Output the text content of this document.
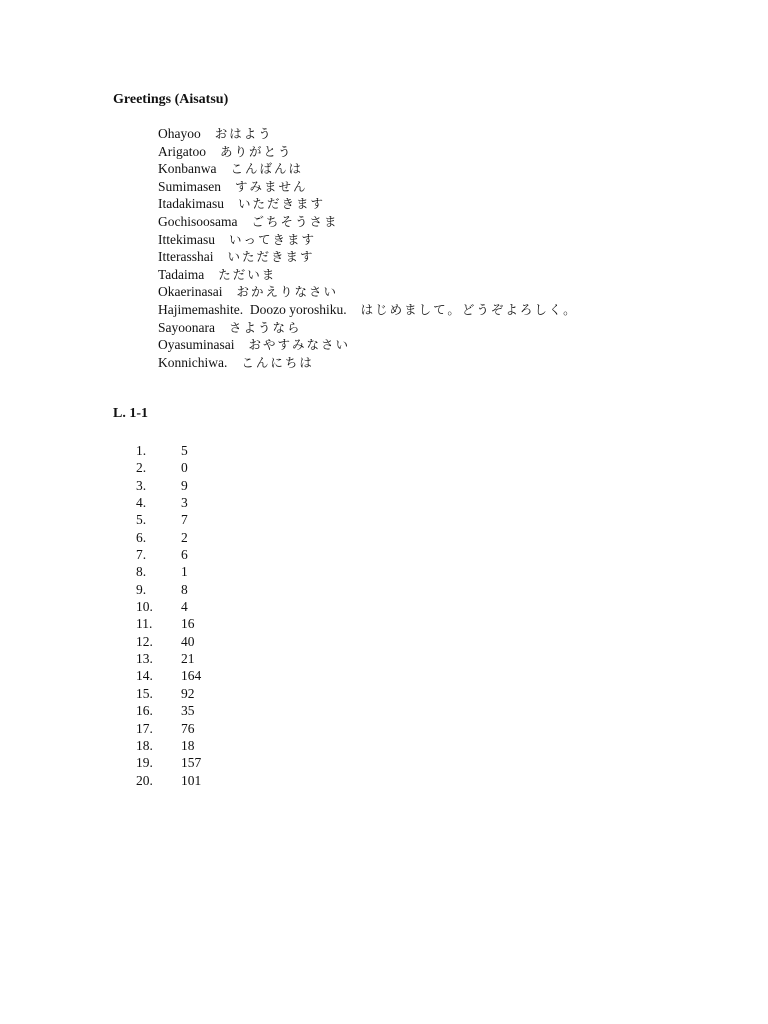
Greetings (Aisatsu)
Ohayoo おはよう
Arigatoo ありがとう
Konbanwa こんばんは
Sumimasen すみません
Itadakimasu いただきます
Gochisoosama ごちそうさま
Ittekimasu いってきます
Itterasshai いただきます
Tadaima ただいま
Okaerinasai おかえりなさい
Hajimemashite.  Doozo yoroshiku. はじめまして。どうぞよろしく。
Sayoonara さようなら
Oyasuminasai おやすみなさい
Konnichiwa. こんにちは
L. 1-1
1.	5
2.	0
3.	9
4.	3
5.	7
6.	2
7.	6
8.	1
9.	8
10. 4
11. 16
12. 40
13. 21
14. 164
15. 92
16. 35
17. 76
18. 18
19. 157
20. 101
